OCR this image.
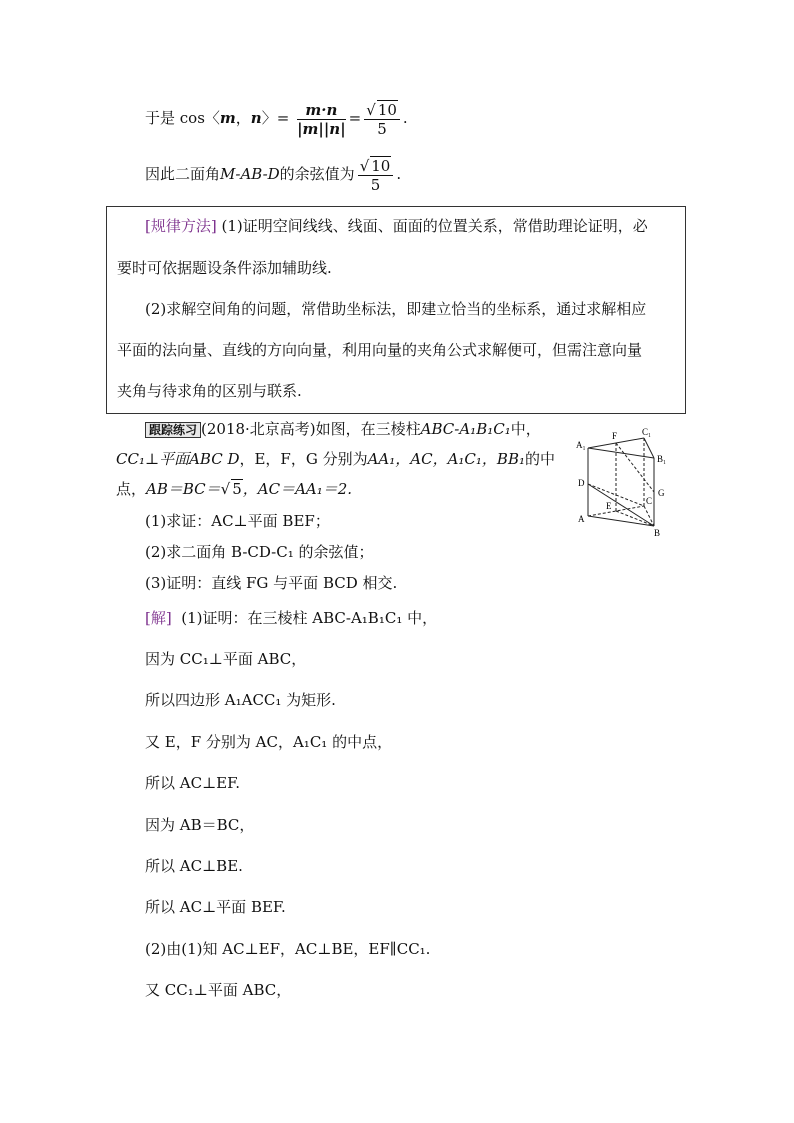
于是 cos〈m，n〉= $\frac{m\cdot n}{|m||n|} = \frac{√ 10}{5}$ .
因此二面角M-AB-D的余弦值为 $\frac{√ 10}{5}$ .
[规律方法] (1)证明空间线线、线面、面面的位置关系，常借助理论证明，必
要时可依据题设条件添加辅助线.
(2)求解空间角的问题，常借助坐标法，即建立恰当的坐标系，通过求解相应
平面的法向量、直线的方向向量，利用向量的夹角公式求解便可，但需注意向量
夹角与待求角的区别与联系.
跟踪练习 (2018·北京高考)如图，在三棱柱ABC-A₁B₁C₁中，
CC₁⊥平面ABC D，E，F，G 分别为AA₁，AC，A₁C₁，BB₁的中
点，AB＝BC＝√ 5，AC＝AA₁＝2.
(1)求证：AC⊥平面 BEF；
(2)求二面角 B-CD-C₁ 的余弦值；
(3)证明：直线 FG 与平面 BCD 相交.
A₁
F	C₁
B₁
D
C
G
E
A
B
[解] (1)证明：在三棱柱 ABC-A₁B₁C₁ 中，
因为 CC₁⊥平面 ABC，
所以四边形 A₁ACC₁ 为矩形.
又 E，F 分别为 AC，A₁C₁ 的中点，
所以 AC⊥EF.
因为 AB＝BC，
所以 AC⊥BE.
所以 AC⊥平面 BEF.
(2)由(1)知 AC⊥EF，AC⊥BE，EF∥CC₁.
又 CC₁⊥平面 ABC，
